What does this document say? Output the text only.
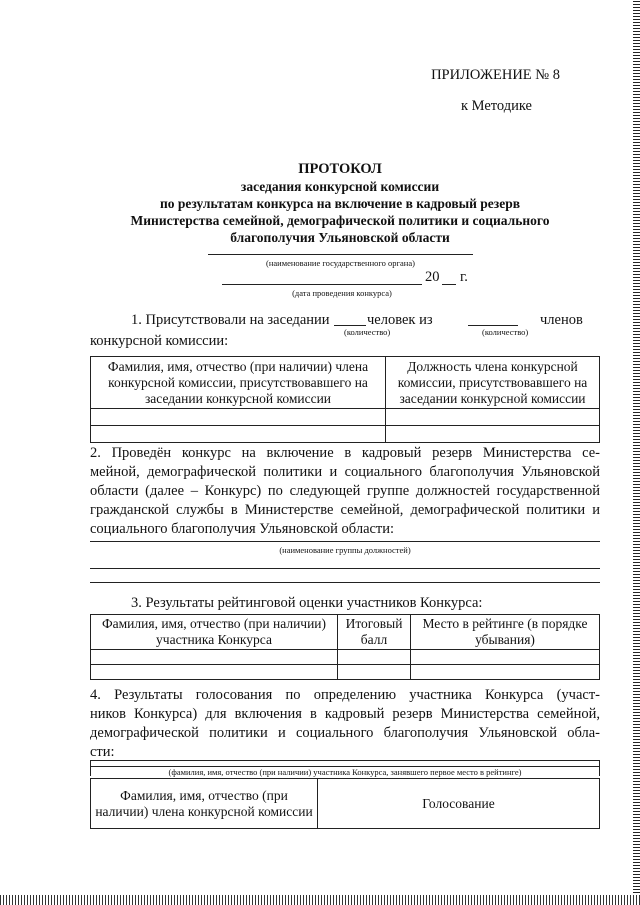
ПРИЛОЖЕНИЕ № 8
к Методике
ПРОТОКОЛ
заседания конкурсной комиссии
по результатам конкурса на включение в кадровый резерв
Министерства семейной, демографической политики и социального
благополучия Ульяновской области
(наименование государственного органа)
20 г.
(дата проведения конкурса)
1. Присутствовали на заседании	человек из	членов
(количество)	(количество)
конкурсной комиссии:
Фамилия, имя, отчество (при наличии) члена конкурсной комиссии, присутствовавшего на заседании конкурсной комиссии	Должность члена конкурсной комиссии, присутствовавшего на заседании конкурсной комиссии

2. Проведён конкурс на включение в кадровый резерв Министерства се-
мейной, демографической политики и социального благополучия Ульяновской
области (далее – Конкурс) по следующей группе должностей государственной
гражданской службы в Министерстве семейной, демографической политики и
социального благополучия Ульяновской области:
(наименование группы должностей)
3. Результаты рейтинговой оценки участников Конкурса:
Фамилия, имя, отчество (при наличии) участника Конкурса	Итоговый балл	Место в рейтинге (в порядке убывания)

4. Результаты голосования по определению участника Конкурса (участ-
ников Конкурса) для включения в кадровый резерв Министерства семейной,
демографической политики и социального благополучия Ульяновской обла-
сти:
(фамилия, имя, отчество (при наличии) участника Конкурса, занявшего первое место в рейтинге)
Фамилия, имя, отчество (при наличии) члена конкурсной комиссии	Голосование
